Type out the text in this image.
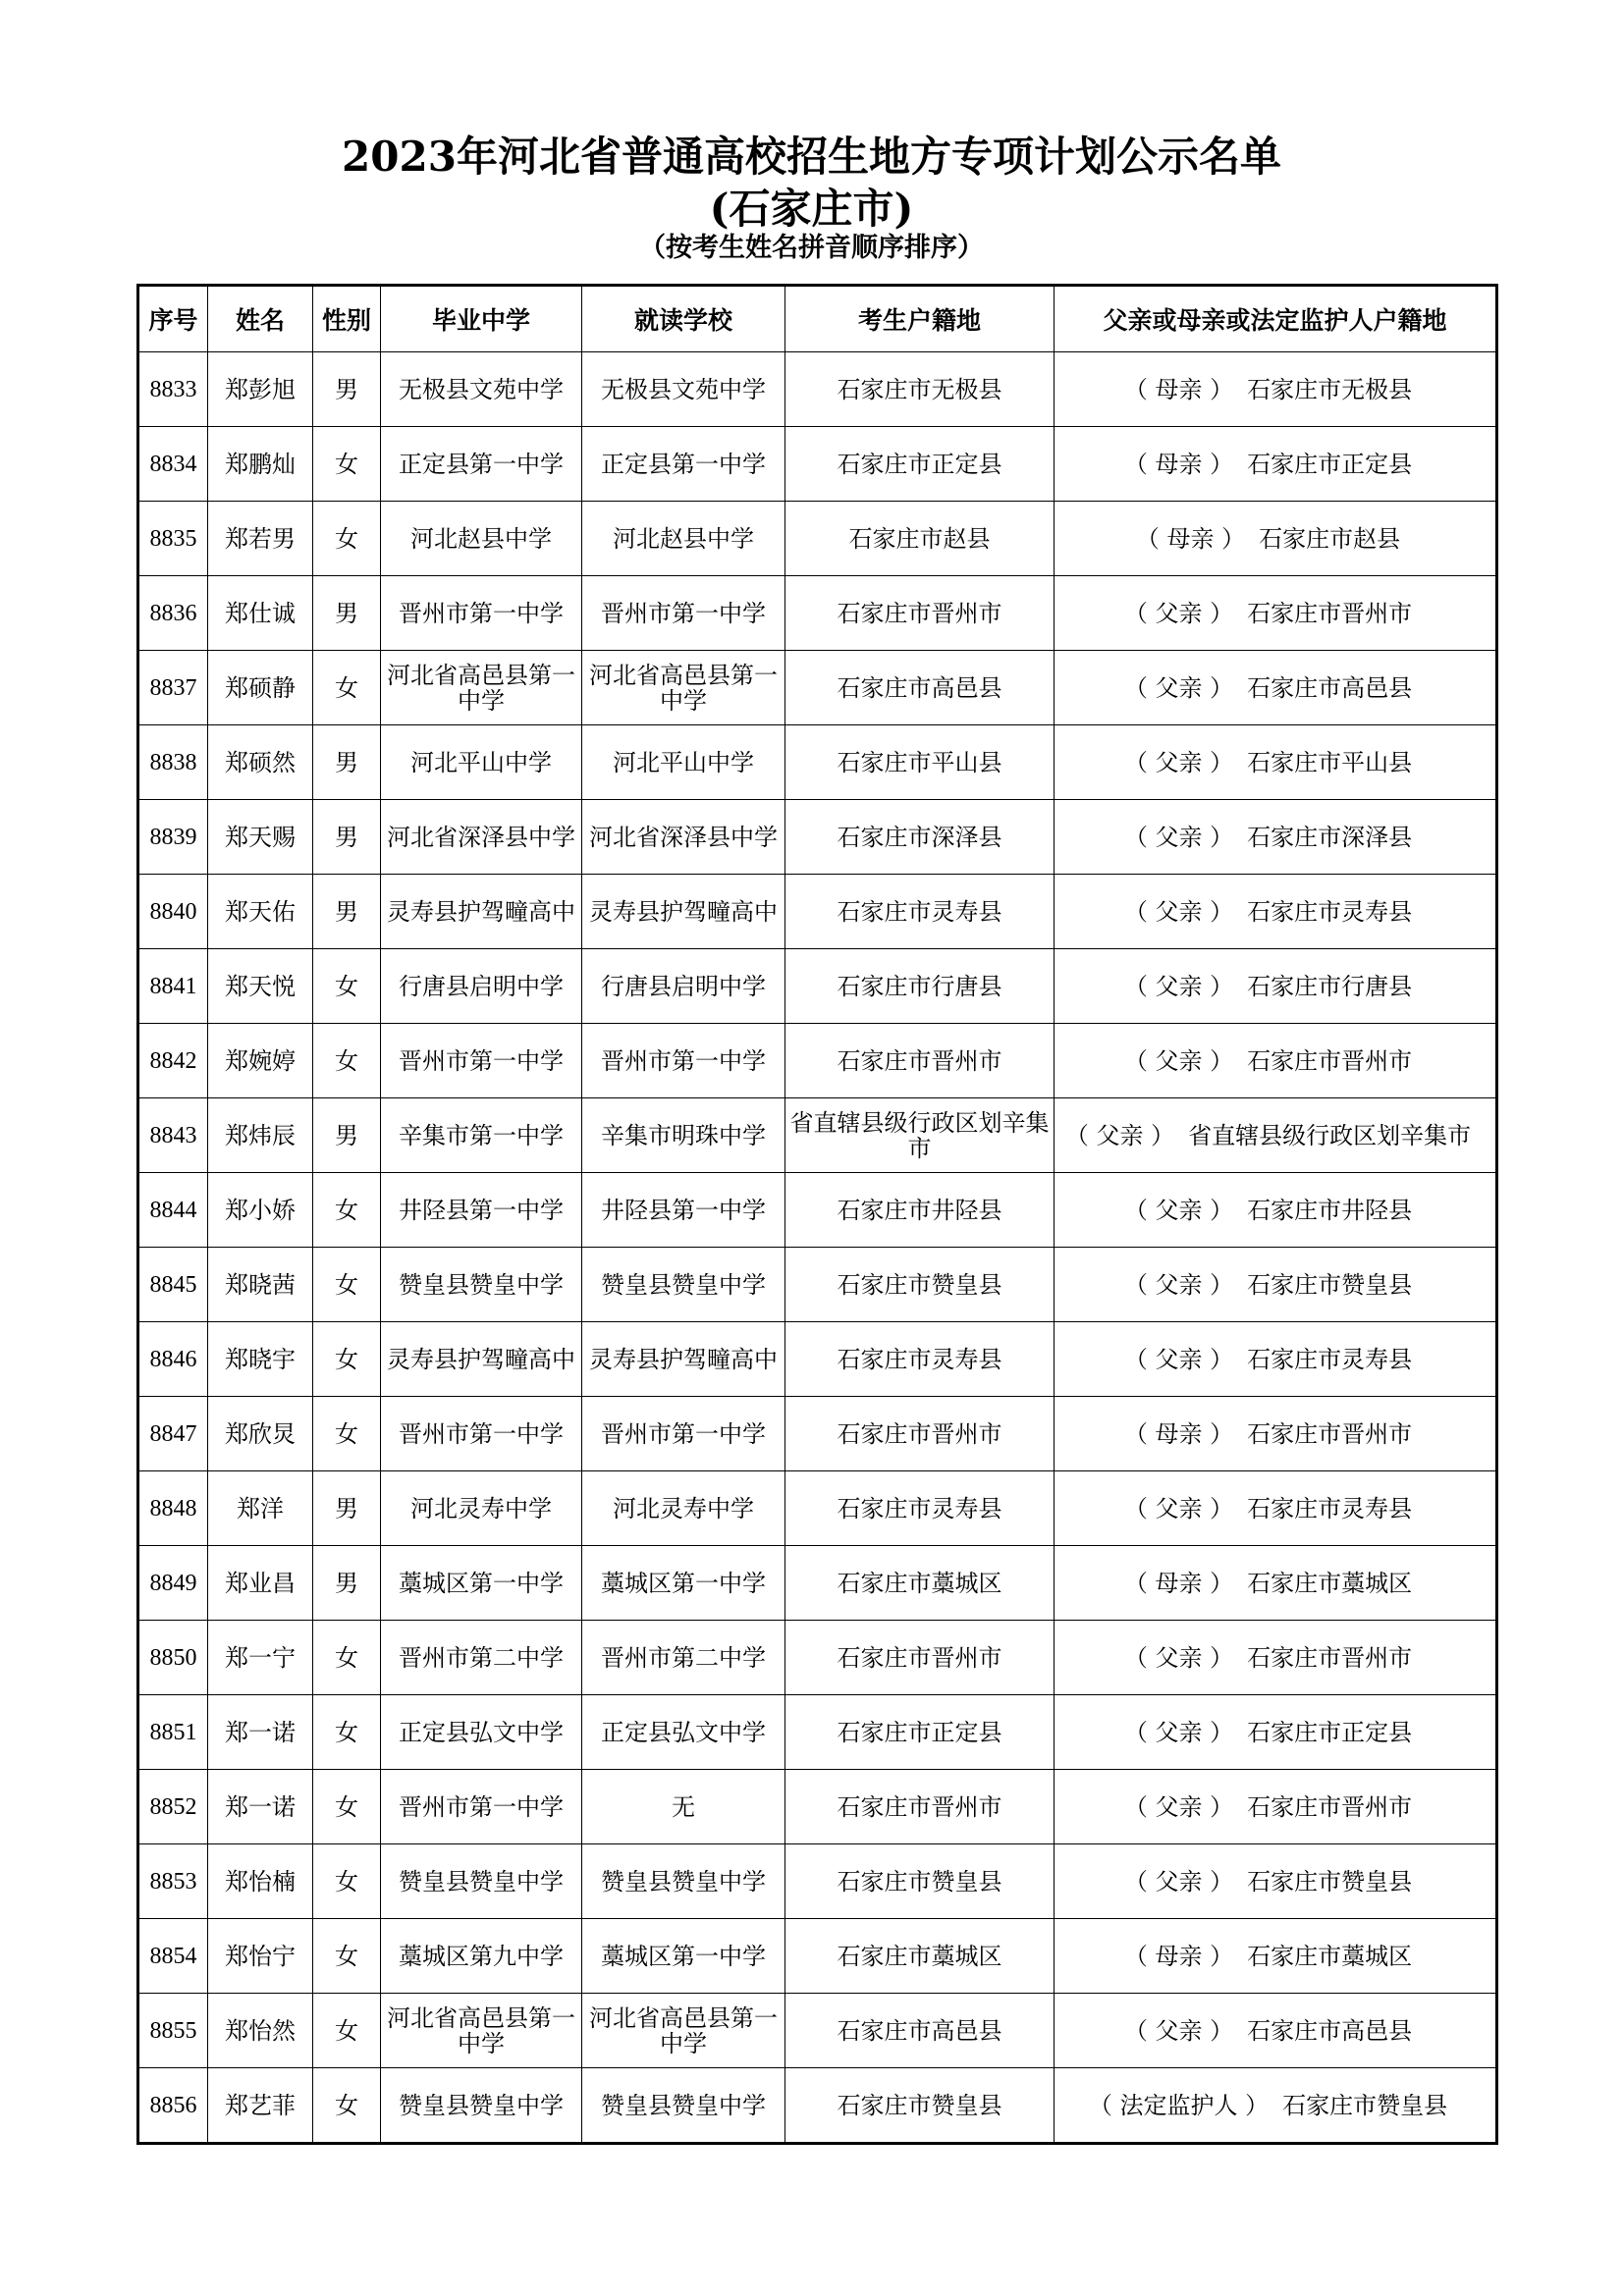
2023年河北省普通高校招生地方专项计划公示名单
(石家庄市)
（按考生姓名拼音顺序排序）
序号	姓名	性别	毕业中学	就读学校	考生户籍地	父亲或母亲或法定监护人户籍地
8833	郑彭旭	男	无极县文苑中学	无极县文苑中学	石家庄市无极县	（ 母亲 ） 石家庄市无极县
8834	郑鹏灿	女	正定县第一中学	正定县第一中学	石家庄市正定县	（ 母亲 ） 石家庄市正定县
8835	郑若男	女	河北赵县中学	河北赵县中学	石家庄市赵县	（ 母亲 ） 石家庄市赵县
8836	郑仕诚	男	晋州市第一中学	晋州市第一中学	石家庄市晋州市	（ 父亲 ） 石家庄市晋州市
8837	郑硕静	女	河北省高邑县第一中学	河北省高邑县第一中学	石家庄市高邑县	（ 父亲 ） 石家庄市高邑县
8838	郑硕然	男	河北平山中学	河北平山中学	石家庄市平山县	（ 父亲 ） 石家庄市平山县
8839	郑天赐	男	河北省深泽县中学	河北省深泽县中学	石家庄市深泽县	（ 父亲 ） 石家庄市深泽县
8840	郑天佑	男	灵寿县护驾疃高中	灵寿县护驾疃高中	石家庄市灵寿县	（ 父亲 ） 石家庄市灵寿县
8841	郑天悦	女	行唐县启明中学	行唐县启明中学	石家庄市行唐县	（ 父亲 ） 石家庄市行唐县
8842	郑婉婷	女	晋州市第一中学	晋州市第一中学	石家庄市晋州市	（ 父亲 ） 石家庄市晋州市
8843	郑炜辰	男	辛集市第一中学	辛集市明珠中学	省直辖县级行政区划辛集市	（ 父亲 ） 省直辖县级行政区划辛集市
8844	郑小娇	女	井陉县第一中学	井陉县第一中学	石家庄市井陉县	（ 父亲 ） 石家庄市井陉县
8845	郑晓茜	女	赞皇县赞皇中学	赞皇县赞皇中学	石家庄市赞皇县	（ 父亲 ） 石家庄市赞皇县
8846	郑晓宇	女	灵寿县护驾疃高中	灵寿县护驾疃高中	石家庄市灵寿县	（ 父亲 ） 石家庄市灵寿县
8847	郑欣炅	女	晋州市第一中学	晋州市第一中学	石家庄市晋州市	（ 母亲 ） 石家庄市晋州市
8848	郑洋	男	河北灵寿中学	河北灵寿中学	石家庄市灵寿县	（ 父亲 ） 石家庄市灵寿县
8849	郑业昌	男	藁城区第一中学	藁城区第一中学	石家庄市藁城区	（ 母亲 ） 石家庄市藁城区
8850	郑一宁	女	晋州市第二中学	晋州市第二中学	石家庄市晋州市	（ 父亲 ） 石家庄市晋州市
8851	郑一诺	女	正定县弘文中学	正定县弘文中学	石家庄市正定县	（ 父亲 ） 石家庄市正定县
8852	郑一诺	女	晋州市第一中学	无	石家庄市晋州市	（ 父亲 ） 石家庄市晋州市
8853	郑怡楠	女	赞皇县赞皇中学	赞皇县赞皇中学	石家庄市赞皇县	（ 父亲 ） 石家庄市赞皇县
8854	郑怡宁	女	藁城区第九中学	藁城区第一中学	石家庄市藁城区	（ 母亲 ） 石家庄市藁城区
8855	郑怡然	女	河北省高邑县第一中学	河北省高邑县第一中学	石家庄市高邑县	（ 父亲 ） 石家庄市高邑县
8856	郑艺菲	女	赞皇县赞皇中学	赞皇县赞皇中学	石家庄市赞皇县	（ 法定监护人 ） 石家庄市赞皇县
